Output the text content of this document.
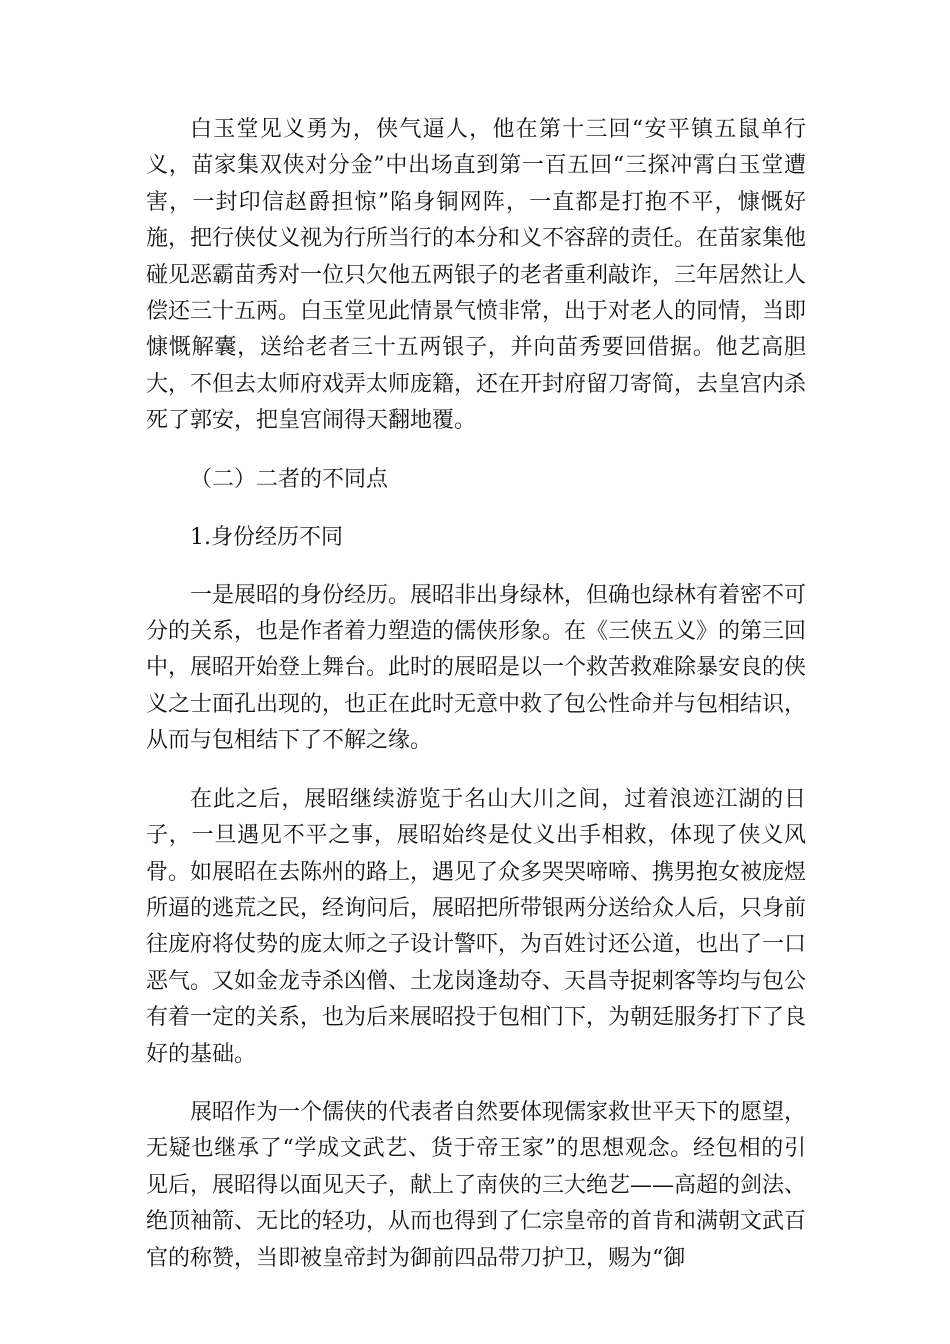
白玉堂见义勇为，侠气逼人，他在第十三回“安平镇五鼠单行义，苗家集双侠对分金”中出场直到第一百五回“三探冲霄白玉堂遭害，一封印信赵爵担惊”陷身铜网阵，一直都是打抱不平，慷慨好施，把行侠仗义视为行所当行的本分和义不容辞的责任。在苗家集他碰见恶霸苗秀对一位只欠他五两银子的老者重利敲诈，三年居然让人偿还三十五两。白玉堂见此情景气愤非常，出于对老人的同情，当即慷慨解囊，送给老者三十五两银子，并向苗秀要回借据。他艺高胆大，不但去太师府戏弄太师庞籍，还在开封府留刀寄简，去皇宫内杀死了郭安，把皇宫闹得天翻地覆。

（二）二者的不同点

1.身份经历不同

一是展昭的身份经历。展昭非出身绿林，但确也绿林有着密不可分的关系，也是作者着力塑造的儒侠形象。在《三侠五义》的第三回中，展昭开始登上舞台。此时的展昭是以一个救苦救难除暴安良的侠义之士面孔出现的，也正在此时无意中救了包公性命并与包相结识，从而与包相结下了不解之缘。

在此之后，展昭继续游览于名山大川之间，过着浪迹江湖的日子，一旦遇见不平之事，展昭始终是仗义出手相救，体现了侠义风骨。如展昭在去陈州的路上，遇见了众多哭哭啼啼、携男抱女被庞煜所逼的逃荒之民，经询问后，展昭把所带银两分送给众人后，只身前往庞府将仗势的庞太师之子设计警吓，为百姓讨还公道，也出了一口恶气。又如金龙寺杀凶僧、土龙岗逢劫夺、天昌寺捉刺客等均与包公有着一定的关系，也为后来展昭投于包相门下，为朝廷服务打下了良好的基础。

展昭作为一个儒侠的代表者自然要体现儒家救世平天下的愿望，无疑也继承了“学成文武艺、货于帝王家”的思想观念。经包相的引见后，展昭得以面见天子，献上了南侠的三大绝艺——高超的剑法、绝顶袖箭、无比的轻功，从而也得到了仁宗皇帝的首肯和满朝文武百官的称赞，当即被皇帝封为御前四品带刀护卫，赐为“御
